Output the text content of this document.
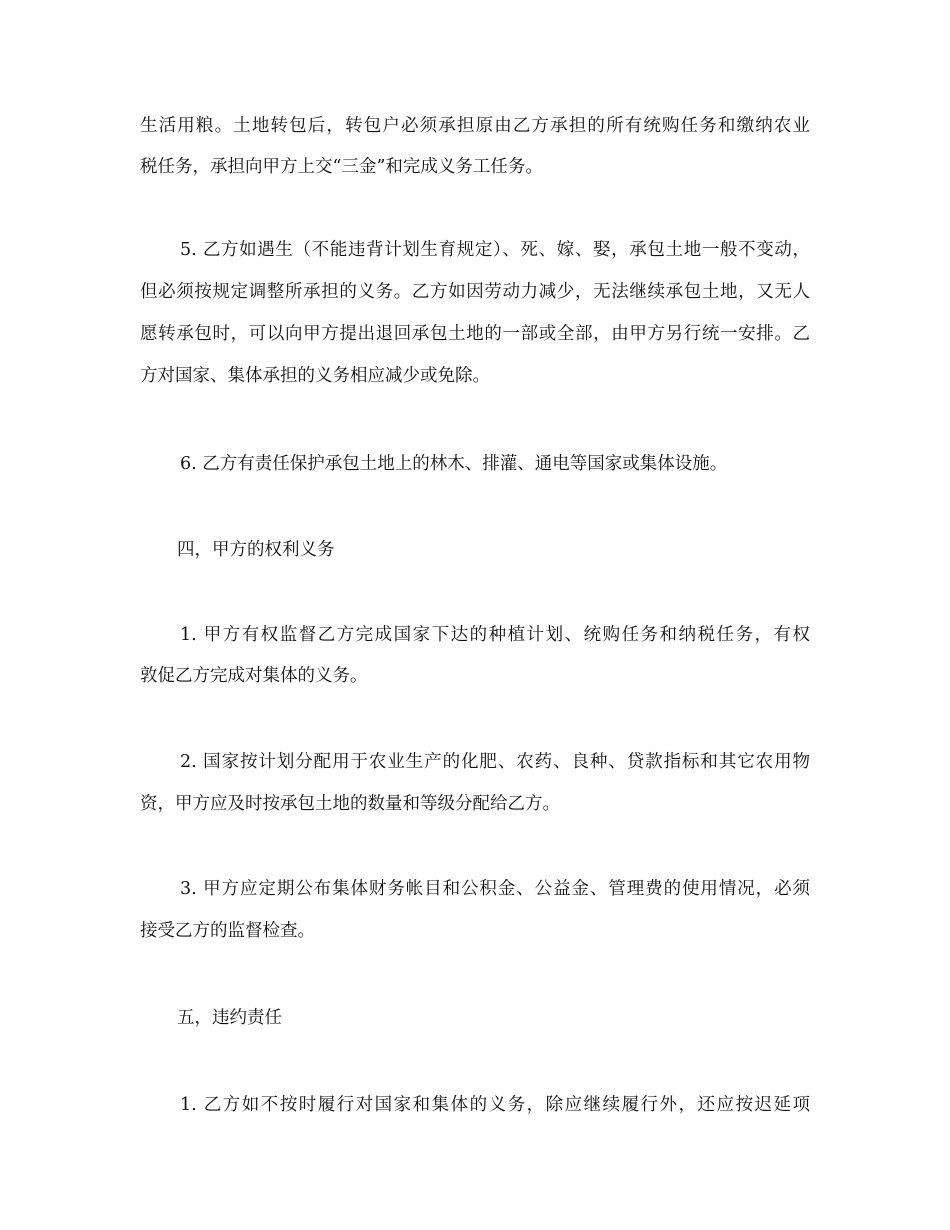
生活用粮。土地转包后，转包户必须承担原由乙方承担的所有统购任务和缴纳农业
税任务，承担向甲方上交“三金”和完成义务工任务。
5. 乙方如遇生（不能违背计划生育规定）、死、嫁、娶，承包土地一般不变动，
但必须按规定调整所承担的义务。乙方如因劳动力减少，无法继续承包土地，又无人
愿转承包时，可以向甲方提出退回承包土地的一部或全部，由甲方另行统一安排。乙
方对国家、集体承担的义务相应减少或免除。
6. 乙方有责任保护承包土地上的林木、排灌、通电等国家或集体设施。
四，甲方的权利义务
1. 甲方有权监督乙方完成国家下达的种植计划、统购任务和纳税任务，有权
敦促乙方完成对集体的义务。
2. 国家按计划分配用于农业生产的化肥、农药、良种、贷款指标和其它农用物
资，甲方应及时按承包土地的数量和等级分配给乙方。
3. 甲方应定期公布集体财务帐目和公积金、公益金、管理费的使用情况，必须
接受乙方的监督检查。
五，违约责任
1. 乙方如不按时履行对国家和集体的义务，除应继续履行外，还应按迟延项
